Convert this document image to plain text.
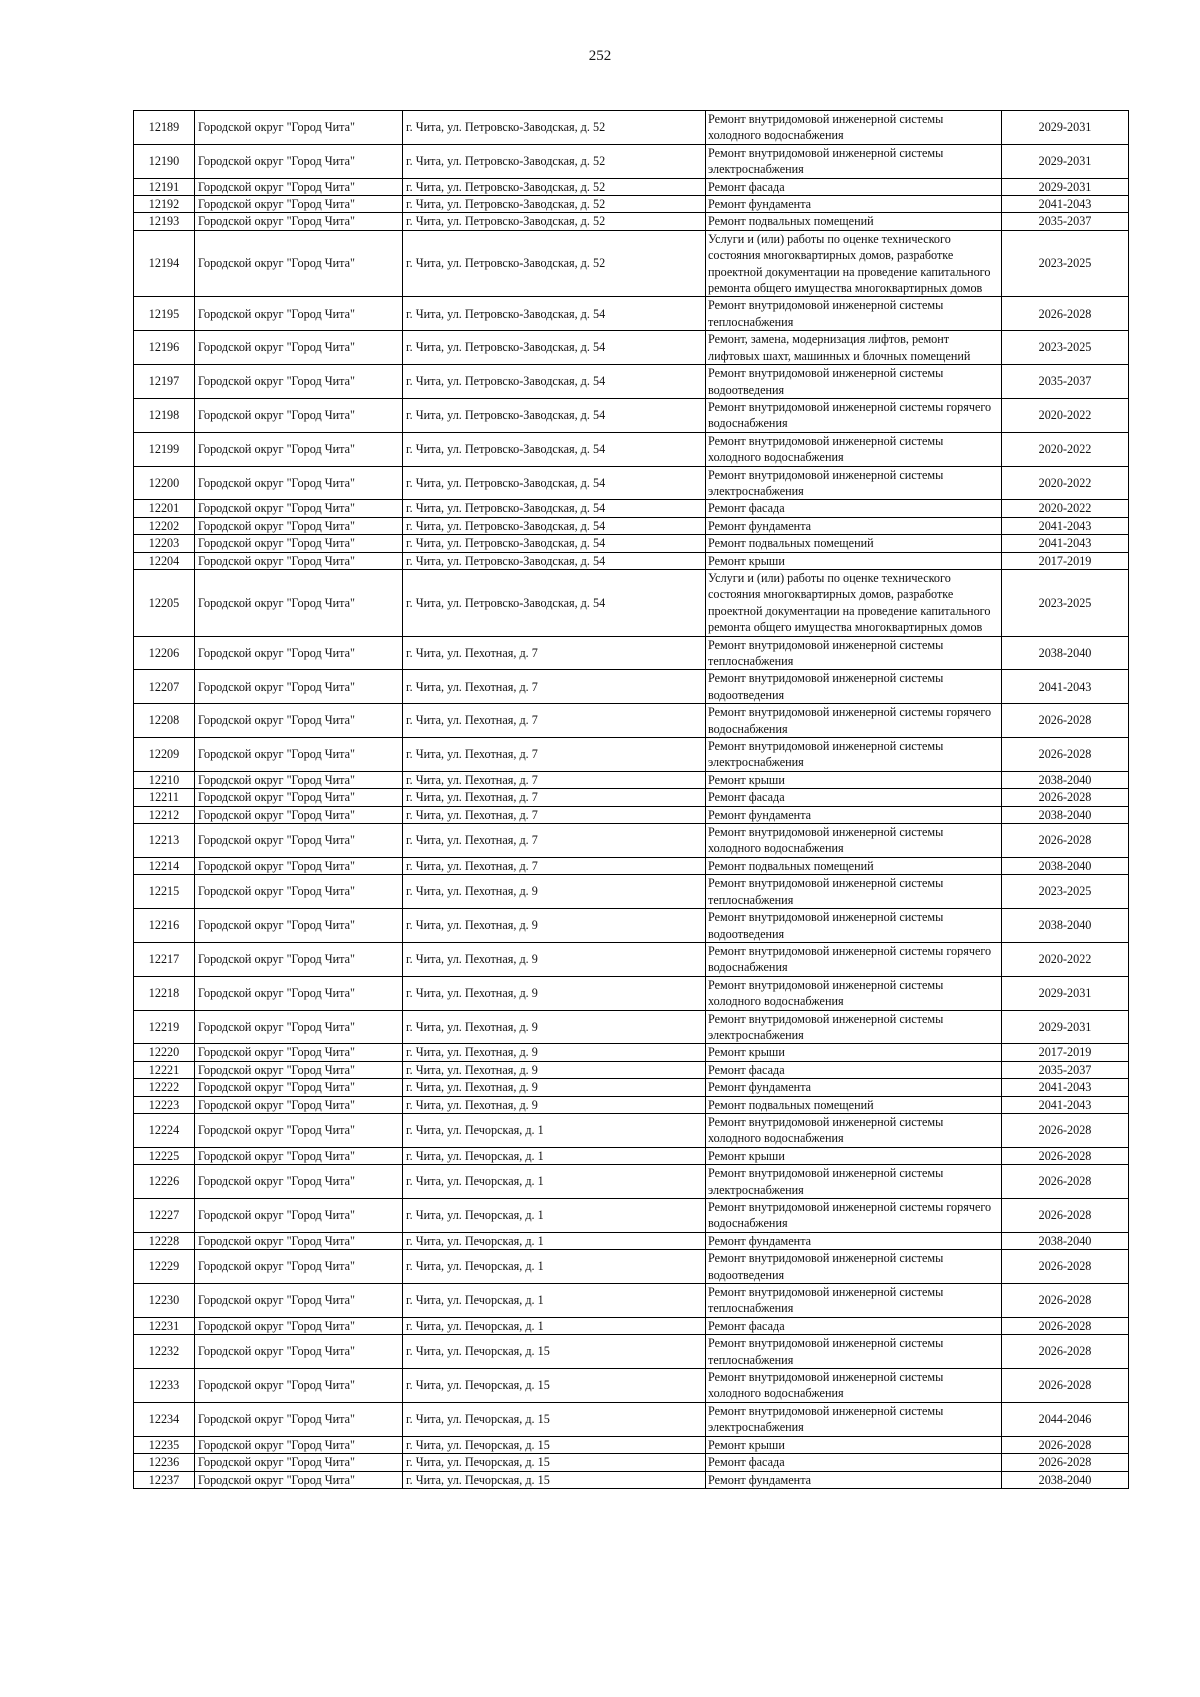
252
12189	Городской округ "Город Чита"	г. Чита, ул. Петровско-Заводская, д. 52	Ремонт внутридомовой инженерной системы холодного водоснабжения	2029-2031
12190	Городской округ "Город Чита"	г. Чита, ул. Петровско-Заводская, д. 52	Ремонт внутридомовой инженерной системы электроснабжения	2029-2031
12191	Городской округ "Город Чита"	г. Чита, ул. Петровско-Заводская, д. 52	Ремонт фасада	2029-2031
12192	Городской округ "Город Чита"	г. Чита, ул. Петровско-Заводская, д. 52	Ремонт фундамента	2041-2043
12193	Городской округ "Город Чита"	г. Чита, ул. Петровско-Заводская, д. 52	Ремонт подвальных помещений	2035-2037
12194	Городской округ "Город Чита"	г. Чита, ул. Петровско-Заводская, д. 52	Услуги и (или) работы по оценке технического состояния многоквартирных домов, разработке проектной документации на проведение капитального ремонта общего имущества многоквартирных домов	2023-2025
12195	Городской округ "Город Чита"	г. Чита, ул. Петровско-Заводская, д. 54	Ремонт внутридомовой инженерной системы теплоснабжения	2026-2028
12196	Городской округ "Город Чита"	г. Чита, ул. Петровско-Заводская, д. 54	Ремонт, замена, модернизация лифтов, ремонт лифтовых шахт, машинных и блочных помещений	2023-2025
12197	Городской округ "Город Чита"	г. Чита, ул. Петровско-Заводская, д. 54	Ремонт внутридомовой инженерной системы водоотведения	2035-2037
12198	Городской округ "Город Чита"	г. Чита, ул. Петровско-Заводская, д. 54	Ремонт внутридомовой инженерной системы горячего водоснабжения	2020-2022
12199	Городской округ "Город Чита"	г. Чита, ул. Петровско-Заводская, д. 54	Ремонт внутридомовой инженерной системы холодного водоснабжения	2020-2022
12200	Городской округ "Город Чита"	г. Чита, ул. Петровско-Заводская, д. 54	Ремонт внутридомовой инженерной системы электроснабжения	2020-2022
12201	Городской округ "Город Чита"	г. Чита, ул. Петровско-Заводская, д. 54	Ремонт фасада	2020-2022
12202	Городской округ "Город Чита"	г. Чита, ул. Петровско-Заводская, д. 54	Ремонт фундамента	2041-2043
12203	Городской округ "Город Чита"	г. Чита, ул. Петровско-Заводская, д. 54	Ремонт подвальных помещений	2041-2043
12204	Городской округ "Город Чита"	г. Чита, ул. Петровско-Заводская, д. 54	Ремонт крыши	2017-2019
12205	Городской округ "Город Чита"	г. Чита, ул. Петровско-Заводская, д. 54	Услуги и (или) работы по оценке технического состояния многоквартирных домов, разработке проектной документации на проведение капитального ремонта общего имущества многоквартирных домов	2023-2025
12206	Городской округ "Город Чита"	г. Чита, ул. Пехотная, д. 7	Ремонт внутридомовой инженерной системы теплоснабжения	2038-2040
12207	Городской округ "Город Чита"	г. Чита, ул. Пехотная, д. 7	Ремонт внутридомовой инженерной системы водоотведения	2041-2043
12208	Городской округ "Город Чита"	г. Чита, ул. Пехотная, д. 7	Ремонт внутридомовой инженерной системы горячего водоснабжения	2026-2028
12209	Городской округ "Город Чита"	г. Чита, ул. Пехотная, д. 7	Ремонт внутридомовой инженерной системы электроснабжения	2026-2028
12210	Городской округ "Город Чита"	г. Чита, ул. Пехотная, д. 7	Ремонт крыши	2038-2040
12211	Городской округ "Город Чита"	г. Чита, ул. Пехотная, д. 7	Ремонт фасада	2026-2028
12212	Городской округ "Город Чита"	г. Чита, ул. Пехотная, д. 7	Ремонт фундамента	2038-2040
12213	Городской округ "Город Чита"	г. Чита, ул. Пехотная, д. 7	Ремонт внутридомовой инженерной системы холодного водоснабжения	2026-2028
12214	Городской округ "Город Чита"	г. Чита, ул. Пехотная, д. 7	Ремонт подвальных помещений	2038-2040
12215	Городской округ "Город Чита"	г. Чита, ул. Пехотная, д. 9	Ремонт внутридомовой инженерной системы теплоснабжения	2023-2025
12216	Городской округ "Город Чита"	г. Чита, ул. Пехотная, д. 9	Ремонт внутридомовой инженерной системы водоотведения	2038-2040
12217	Городской округ "Город Чита"	г. Чита, ул. Пехотная, д. 9	Ремонт внутридомовой инженерной системы горячего водоснабжения	2020-2022
12218	Городской округ "Город Чита"	г. Чита, ул. Пехотная, д. 9	Ремонт внутридомовой инженерной системы холодного водоснабжения	2029-2031
12219	Городской округ "Город Чита"	г. Чита, ул. Пехотная, д. 9	Ремонт внутридомовой инженерной системы электроснабжения	2029-2031
12220	Городской округ "Город Чита"	г. Чита, ул. Пехотная, д. 9	Ремонт крыши	2017-2019
12221	Городской округ "Город Чита"	г. Чита, ул. Пехотная, д. 9	Ремонт фасада	2035-2037
12222	Городской округ "Город Чита"	г. Чита, ул. Пехотная, д. 9	Ремонт фундамента	2041-2043
12223	Городской округ "Город Чита"	г. Чита, ул. Пехотная, д. 9	Ремонт подвальных помещений	2041-2043
12224	Городской округ "Город Чита"	г. Чита, ул. Печорская, д. 1	Ремонт внутридомовой инженерной системы холодного водоснабжения	2026-2028
12225	Городской округ "Город Чита"	г. Чита, ул. Печорская, д. 1	Ремонт крыши	2026-2028
12226	Городской округ "Город Чита"	г. Чита, ул. Печорская, д. 1	Ремонт внутридомовой инженерной системы электроснабжения	2026-2028
12227	Городской округ "Город Чита"	г. Чита, ул. Печорская, д. 1	Ремонт внутридомовой инженерной системы горячего водоснабжения	2026-2028
12228	Городской округ "Город Чита"	г. Чита, ул. Печорская, д. 1	Ремонт фундамента	2038-2040
12229	Городской округ "Город Чита"	г. Чита, ул. Печорская, д. 1	Ремонт внутридомовой инженерной системы водоотведения	2026-2028
12230	Городской округ "Город Чита"	г. Чита, ул. Печорская, д. 1	Ремонт внутридомовой инженерной системы теплоснабжения	2026-2028
12231	Городской округ "Город Чита"	г. Чита, ул. Печорская, д. 1	Ремонт фасада	2026-2028
12232	Городской округ "Город Чита"	г. Чита, ул. Печорская, д. 15	Ремонт внутридомовой инженерной системы теплоснабжения	2026-2028
12233	Городской округ "Город Чита"	г. Чита, ул. Печорская, д. 15	Ремонт внутридомовой инженерной системы холодного водоснабжения	2026-2028
12234	Городской округ "Город Чита"	г. Чита, ул. Печорская, д. 15	Ремонт внутридомовой инженерной системы электроснабжения	2044-2046
12235	Городской округ "Город Чита"	г. Чита, ул. Печорская, д. 15	Ремонт крыши	2026-2028
12236	Городской округ "Город Чита"	г. Чита, ул. Печорская, д. 15	Ремонт фасада	2026-2028
12237	Городской округ "Город Чита"	г. Чита, ул. Печорская, д. 15	Ремонт фундамента	2038-2040
